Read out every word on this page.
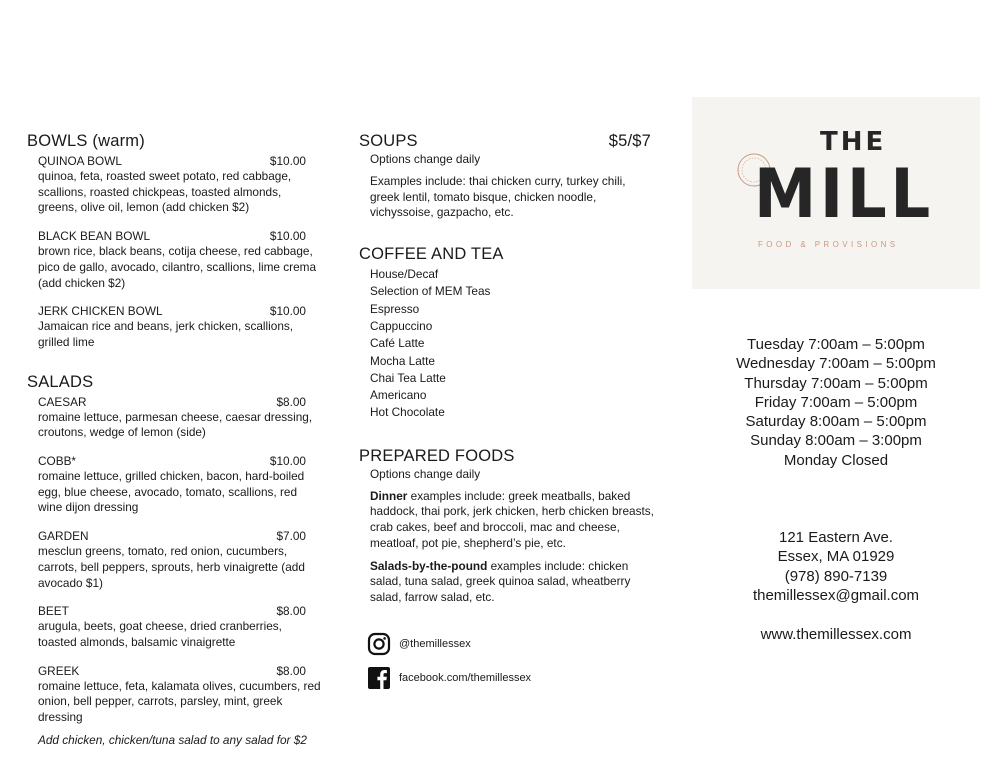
BOWLS (warm)
QUINOA BOWL	$10.00
quinoa, feta, roasted sweet potato, red cabbage, scallions, roasted chickpeas, toasted almonds, greens, olive oil, lemon (add chicken $2)
BLACK BEAN BOWL	$10.00
brown rice, black beans, cotija cheese, red cabbage, pico de gallo, avocado, cilantro, scallions, lime crema (add chicken $2)
JERK CHICKEN BOWL	$10.00
Jamaican rice and beans, jerk chicken, scallions, grilled lime
SALADS
CAESAR	$8.00
romaine lettuce, parmesan cheese, caesar dressing, croutons, wedge of lemon (side)
COBB*	$10.00
romaine lettuce, grilled chicken, bacon, hard-boiled egg, blue cheese, avocado, tomato, scallions, red wine dijon dressing
GARDEN	$7.00
mesclun greens, tomato, red onion, cucumbers, carrots, bell peppers, sprouts, herb vinaigrette (add avocado $1)
BEET	$8.00
arugula, beets, goat cheese, dried cranberries, toasted almonds, balsamic vinaigrette
GREEK	$8.00
romaine lettuce, feta, kalamata olives, cucumbers, red onion, bell pepper, carrots, parsley, mint, greek dressing
Add chicken, chicken/tuna salad to any salad for $2
SOUPS	$5/$7
Options change daily
Examples include: thai chicken curry, turkey chili, greek lentil, tomato bisque, chicken noodle, vichyssoise, gazpacho, etc.
COFFEE AND TEA
House/Decaf
Selection of MEM Teas
Espresso
Cappuccino
Café Latte
Mocha Latte
Chai Tea Latte
Americano
Hot Chocolate
PREPARED FOODS
Options change daily
Dinner examples include: greek meatballs, baked haddock, thai pork, jerk chicken, herb chicken breasts, crab cakes, beef and broccoli, mac and cheese, meatloaf, pot pie, shepherd’s pie, etc.
Salads-by-the-pound examples include: chicken salad, tuna salad, greek quinoa salad, wheatberry salad, farrow salad, etc.
@themillessex
facebook.com/themillessex
THE
MILL
FOOD & PROVISIONS
Tuesday 7:00am – 5:00pm
Wednesday 7:00am – 5:00pm
Thursday 7:00am – 5:00pm
Friday 7:00am – 5:00pm
Saturday 8:00am – 5:00pm
Sunday 8:00am – 3:00pm
Monday Closed
121 Eastern Ave.
Essex, MA 01929
(978) 890-7139
themillessex@gmail.com
www.themillessex.com
